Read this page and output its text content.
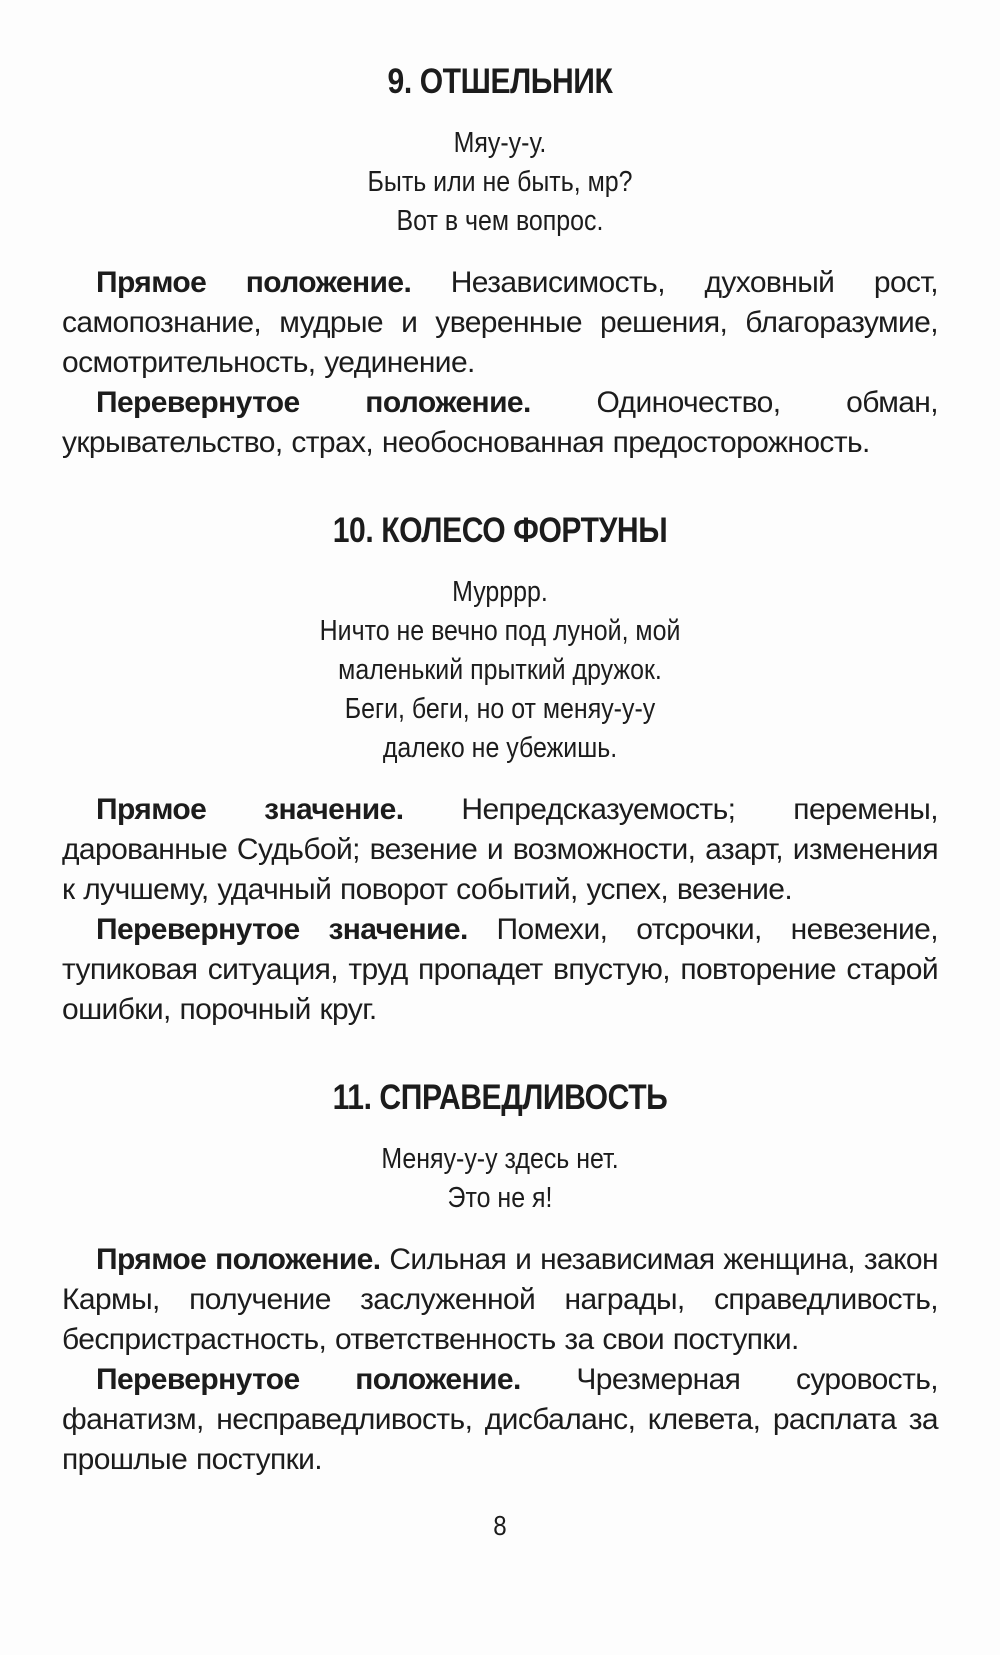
9. ОТШЕЛЬНИК
Мяу-у-у.
Быть или не быть, мр?
Вот в чем вопрос.

Прямое положение. Независимость, духовный рост, самопознание, мудрые и уверенные решения, благоразумие, осмотрительность, уединение.

Перевернутое положение. Одиночество, обман, укрывательство, страх, необоснованная предосторожность.

10. КОЛЕСО ФОРТУНЫ
Мурррр.
Ничто не вечно под луной, мой
маленький прыткий дружок.
Беги, беги, но от меняу-у-у
далеко не убежишь.

Прямое значение. Непредсказуемость; перемены, дарованные Судьбой; везение и возможности, азарт, изменения к лучшему, удачный поворот событий, успех, везение.

Перевернутое значение. Помехи, отсрочки, невезение, тупиковая ситуация, труд пропадет впустую, повторение старой ошибки, порочный круг.

11. СПРАВЕДЛИВОСТЬ
Меняу-у-у здесь нет.
Это не я!

Прямое положение. Сильная и независимая женщина, закон Кармы, получение заслуженной награды, справедливость, беспристрастность, ответственность за свои поступки.

Перевернутое положение. Чрезмерная суровость, фанатизм, несправедливость, дисбаланс, клевета, расплата за прошлые поступки.

8
